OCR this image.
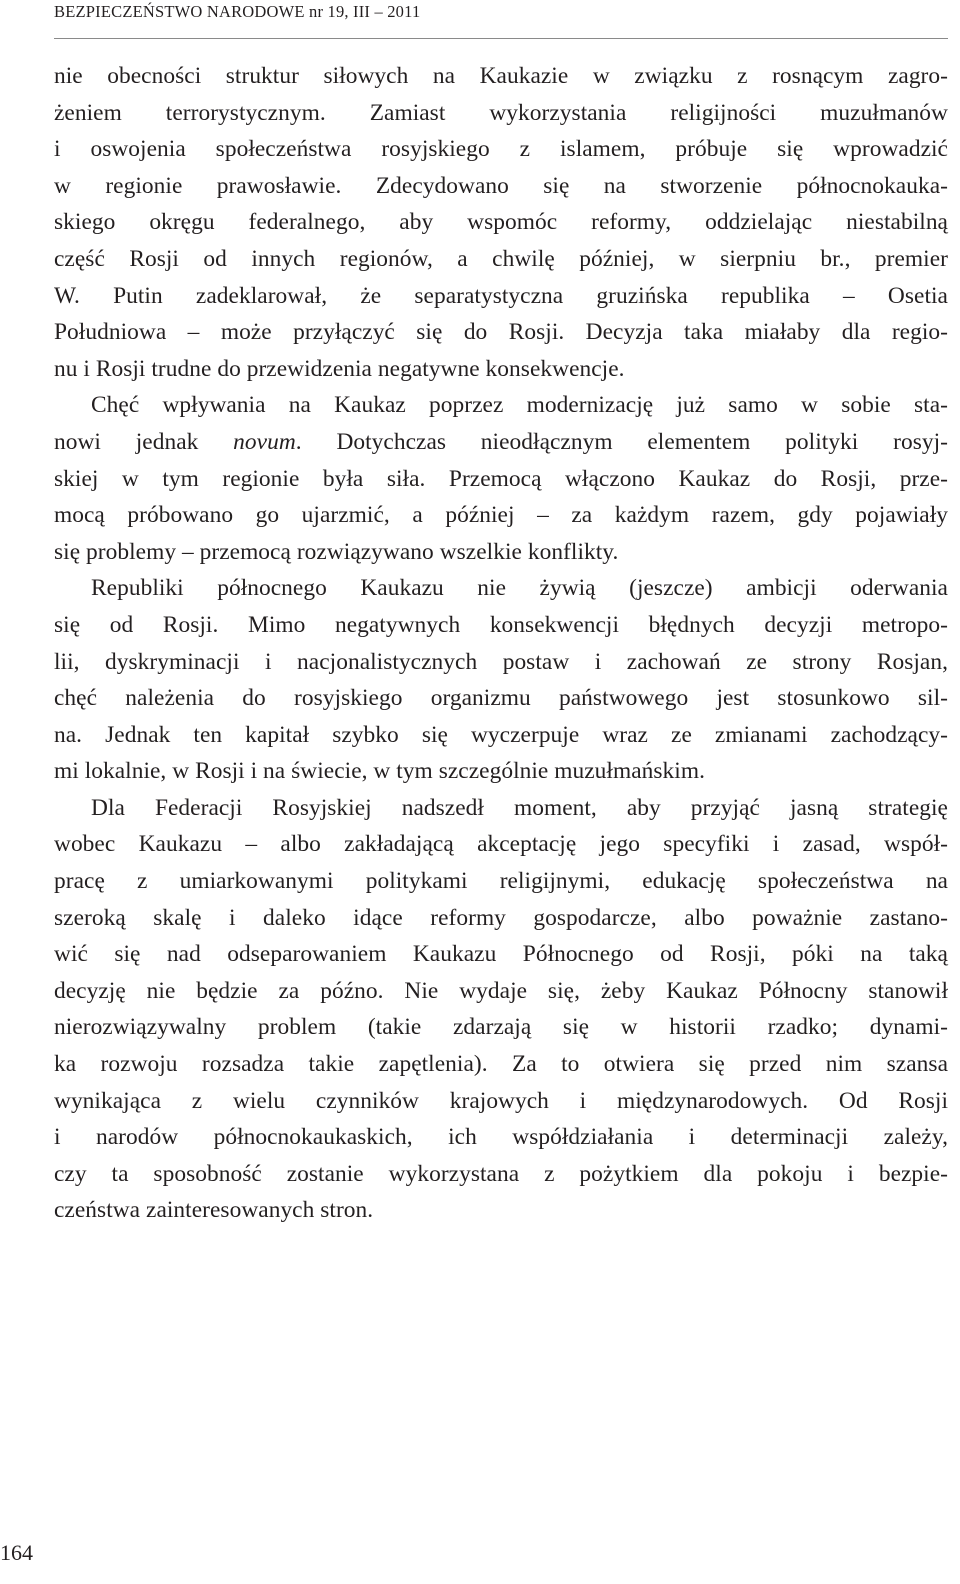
BEZPIECZEŃSTWO NARODOWE nr 19, III – 2011
nie obecności struktur siłowych na Kaukazie w związku z rosnącym zagro-
żeniem terrorystycznym. Zamiast wykorzystania religijności muzułmanów
i oswojenia społeczeństwa rosyjskiego z islamem, próbuje się wprowadzić
w regionie prawosławie. Zdecydowano się na stworzenie północnokauka-
skiego okręgu federalnego, aby wspomóc reformy, oddzielając niestabilną
część Rosji od innych regionów, a chwilę później, w sierpniu br., premier
W. Putin zadeklarował, że separatystyczna gruzińska republika – Osetia
Południowa – może przyłączyć się do Rosji. Decyzja taka miałaby dla regio-
nu i Rosji trudne do przewidzenia negatywne konsekwencje.
Chęć wpływania na Kaukaz poprzez modernizację już samo w sobie sta-
nowi jednak novum. Dotychczas nieodłącznym elementem polityki rosyj-
skiej w tym regionie była siła. Przemocą włączono Kaukaz do Rosji, prze-
mocą próbowano go ujarzmić, a później – za każdym razem, gdy pojawiały
się problemy – przemocą rozwiązywano wszelkie konflikty.
Republiki północnego Kaukazu nie żywią (jeszcze) ambicji oderwania
się od Rosji. Mimo negatywnych konsekwencji błędnych decyzji metropo-
lii, dyskryminacji i nacjonalistycznych postaw i zachowań ze strony Rosjan,
chęć należenia do rosyjskiego organizmu państwowego jest stosunkowo sil-
na. Jednak ten kapitał szybko się wyczerpuje wraz ze zmianami zachodzący-
mi lokalnie, w Rosji i na świecie, w tym szczególnie muzułmańskim.
Dla Federacji Rosyjskiej nadszedł moment, aby przyjąć jasną strategię
wobec Kaukazu – albo zakładającą akceptację jego specyfiki i zasad, współ-
pracę z umiarkowanymi politykami religijnymi, edukację społeczeństwa na
szeroką skalę i daleko idące reformy gospodarcze, albo poważnie zastano-
wić się nad odseparowaniem Kaukazu Północnego od Rosji, póki na taką
decyzję nie będzie za późno. Nie wydaje się, żeby Kaukaz Północny stanowił
nierozwiązywalny problem (takie zdarzają się w historii rzadko; dynami-
ka rozwoju rozsadza takie zapętlenia). Za to otwiera się przed nim szansa
wynikająca z wielu czynników krajowych i międzynarodowych. Od Rosji
i narodów północnokaukaskich, ich współdziałania i determinacji zależy,
czy ta sposobność zostanie wykorzystana z pożytkiem dla pokoju i bezpie-
czeństwa zainteresowanych stron.
164
